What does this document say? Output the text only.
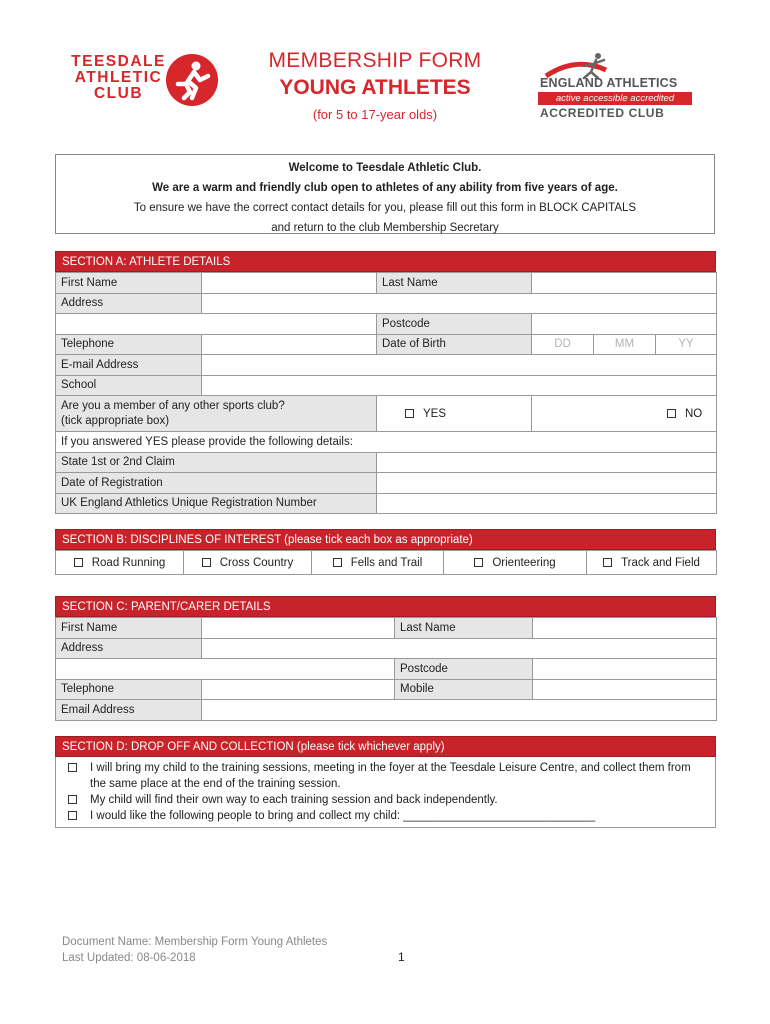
TEESDALE
ATHLETIC
CLUB
MEMBERSHIP FORM
YOUNG ATHLETES
(for 5 to 17-year olds)
ENGLAND ATHLETICS
active accessible accredited
ACCREDITED CLUB
Welcome to Teesdale Athletic Club.
We are a warm and friendly club open to athletes of any ability from five years of age.
To ensure we have the correct contact details for you, please fill out this form in BLOCK CAPITALS
and return to the club Membership Secretary
SECTION A: ATHLETE DETAILS
First Name		Last Name			
Address					
		Postcode			
Telephone		Date of Birth	DD	MM	YY
E-mail Address					
School					

Are you a member of any other sports club?
(tick appropriate box)		YES	NO		
If you answered YES please provide the following details:					
State 1st or 2nd Claim					
Date of Registration					
UK England Athletics Unique Registration Number					
SECTION B: DISCIPLINES OF INTEREST (please tick each box as appropriate)
Road Running	Cross Country	Fells and Trail	Orienteering	Track and Field
SECTION C: PARENT/CARER DETAILS
First Name		Last Name	
Address			
		Postcode	
Telephone		Mobile	
Email Address			
SECTION D: DROP OFF AND COLLECTION (please tick whichever apply)
I will bring my child to the training sessions, meeting in the foyer at the Teesdale Leisure Centre, and collect them from the same place at the end of the training session.
My child will find their own way to each training session and back independently.
I would like the following people to bring and collect my child: ______________________________
Document Name: Membership Form Young Athletes
Last Updated: 08-06-2018	1
